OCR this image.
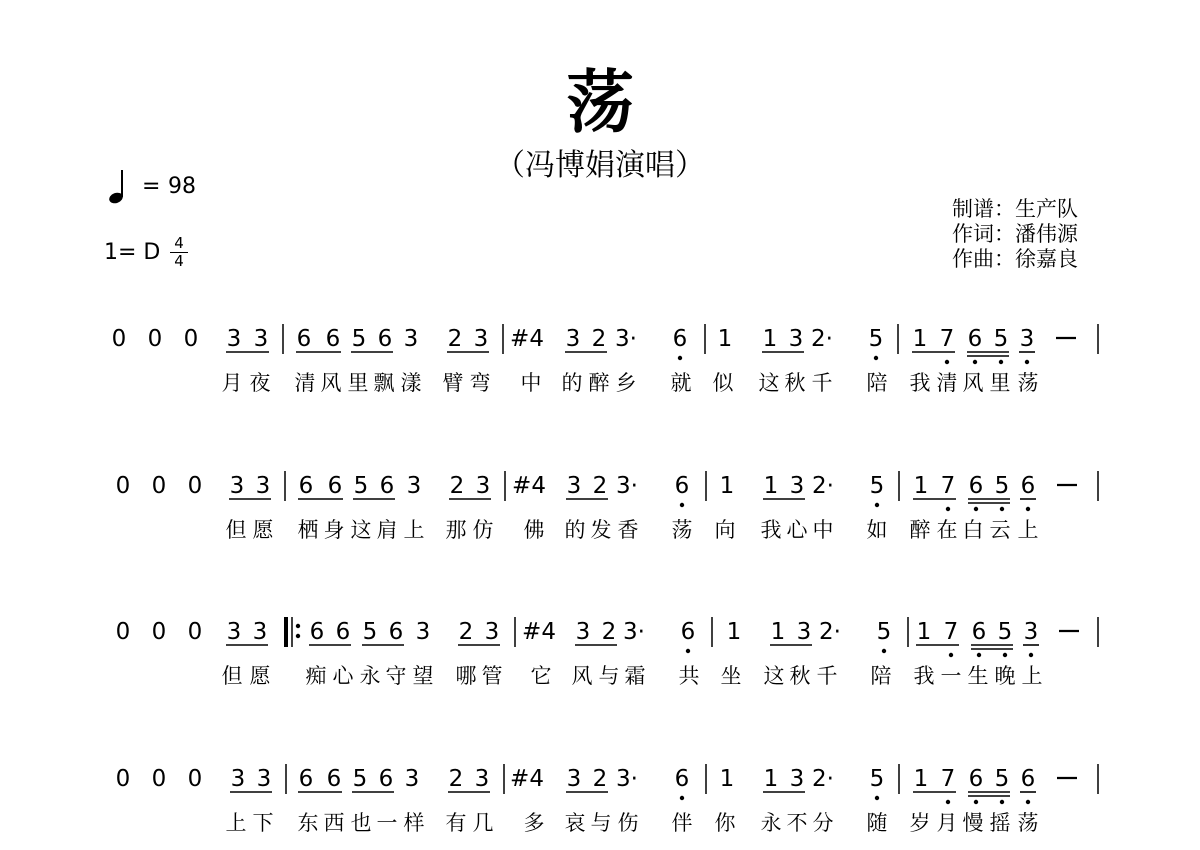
荡
（冯博娟演唱）
= 98
1= D 4
4
制谱：生产队
作词：潘伟源
作曲：徐嘉良
0 0 0 3 3 6 6 5 6 3 2 3 #4 3 2 3· 6 1 1 3 2· 5 1 7 6 5 3
月 夜 清 风 里 飘 漾 臂 弯 中 的 醉 乡 就 似 这 秋 千 陪 我 清 风 里 荡
0 0 0 3 3 6 6 5 6 3 2 3 #4 3 2 3· 6 1 1 3 2· 5 1 7 6 5 6
但 愿 栖 身 这 肩 上 那 仿 佛 的 发 香 荡 向 我 心 中 如 醉 在 白 云 上
0 0 0 3 3 6 6 5 6 3 2 3 #4 3 2 3· 6 1 1 3 2· 5 1 7 6 5 3
但 愿 痴 心 永 守 望 哪 管 它 风 与 霜 共 坐 这 秋 千 陪 我 一 生 晚 上
0 0 0 3 3 6 6 5 6 3 2 3 #4 3 2 3· 6 1 1 3 2· 5 1 7 6 5 6
上 下 东 西 也 一 样 有 几 多 哀 与 伤 伴 你 永 不 分 随 岁 月 慢 摇 荡
